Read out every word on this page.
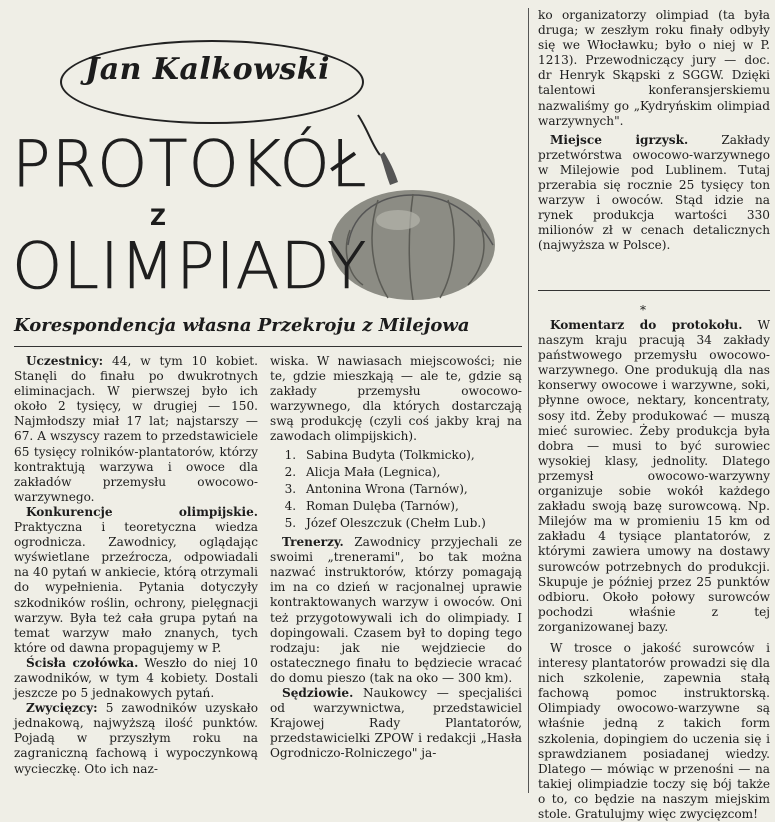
Jan Kalkowski
PROTOKÓŁ
Z
OLIMPIADY
Korespondencja własna Przekroju z Milejowa

Uczestnicy: 44, w tym 10 kobiet. Stanęli do finału po dwukrotnych eliminacjach. W pierwszej było ich około 2 tysięcy, w drugiej — 150. Najmłodszy miał 17 lat; najstarszy — 67. A wszyscy razem to przedstawiciele 65 tysięcy rolników-plantatorów, którzy kontraktują warzywa i owoce dla zakładów przemysłu owocowo-warzywnego.

Konkurencje olimpijskie. Praktyczna i teoretyczna wiedza ogrodnicza. Zawodnicy, oglądając wyświetlane przeźrocza, odpowiadali na 40 pytań w ankiecie, którą otrzymali do wypełnienia. Pytania dotyczyły szkodników roślin, ochrony, pielęgnacji warzyw. Była też cała grupa pytań na temat warzyw mało znanych, tych które od dawna propagujemy w P.

Ścisła czołówka. Weszło do niej 10 zawodników, w tym 4 kobiety. Dostali jeszcze po 5 jednakowych pytań.

Zwycięzcy: 5 zawodników uzyskało jednakową, najwyższą ilość punktów. Pojadą w przyszłym roku na zagraniczną fachową i wypoczynkową wycieczkę. Oto ich naz-

wiska. W nawiasach miejscowości; nie te, gdzie mieszkają — ale te, gdzie są zakłady przemysłu owocowo-warzywnego, dla których dostarczają swą produkcję (czyli coś jakby kraj na zawodach olimpijskich).

1. Sabina Budyta (Tolkmicko),
2. Alicja Mała (Legnica),
3. Antonina Wrona (Tarnów),
4. Roman Dulęba (Tarnów),
5. Józef Oleszczuk (Chełm Lub.)

Trenerzy. Zawodnicy przyjechali ze swoimi „trenerami", bo tak można nazwać instruktorów, którzy pomagają im na co dzień w racjonalnej uprawie kontraktowanych warzyw i owoców. Oni też przygotowywali ich do olimpiady. I dopingowali. Czasem był to doping tego rodzaju: jak nie wejdziecie do ostatecznego finału to będziecie wracać do domu pieszo (tak na oko — 300 km).

Sędziowie. Naukowcy — specjaliści od warzywnictwa, przedstawiciel Krajowej Rady Plantatorów, przedstawicielki ZPOW i redakcji „Hasła Ogrodniczo-Rolniczego" ja-

ko organizatorzy olimpiad (ta była druga; w zeszłym roku finały odbyły się we Włocławku; było o niej w P. 1213). Przewodniczący jury — doc. dr Henryk Skąpski z SGGW. Dzięki talentowi konferansjerskiemu nazwaliśmy go „Kydryńskim olimpiad warzywnych".

Miejsce igrzysk. Zakłady przetwórstwa owocowo-warzywnego w Milejowie pod Lublinem. Tutaj przerabia się rocznie 25 tysięcy ton warzyw i owoców. Stąd idzie na rynek produkcja wartości 330 milionów zł w cenach detalicznych (najwyższa w Polsce).

*

Komentarz do protokołu. W naszym kraju pracują 34 zakłady państwowego przemysłu owocowo-warzywnego. One produkują dla nas konserwy owocowe i warzywne, soki, płynne owoce, nektary, koncentraty, sosy itd. Żeby produkować — muszą mieć surowiec. Żeby produkcja była dobra — musi to być surowiec wysokiej klasy, jednolity. Dlatego przemysł owocowo-warzywny organizuje sobie wokół każdego zakładu swoją bazę surowcową. Np. Milejów ma w promieniu 15 km od zakładu 4 tysiące plantatorów, z którymi zawiera umowy na dostawy surowców potrzebnych do produkcji. Skupuje je później przez 25 punktów odbioru. Około połowy surowców pochodzi właśnie z tej zorganizowanej bazy.

W trosce o jakość surowców i interesy plantatorów prowadzi się dla nich szkolenie, zapewnia stałą fachową pomoc instruktorską. Olimpiady owocowo-warzywne są właśnie jedną z takich form szkolenia, dopingiem do uczenia się i sprawdzianem posiadanej wiedzy. Dlatego — mówiąc w przenośni — na takiej olimpiadzie toczy się bój także o to, co będzie na naszym miejskim stole. Gratulujmy więc zwycięzcom!
